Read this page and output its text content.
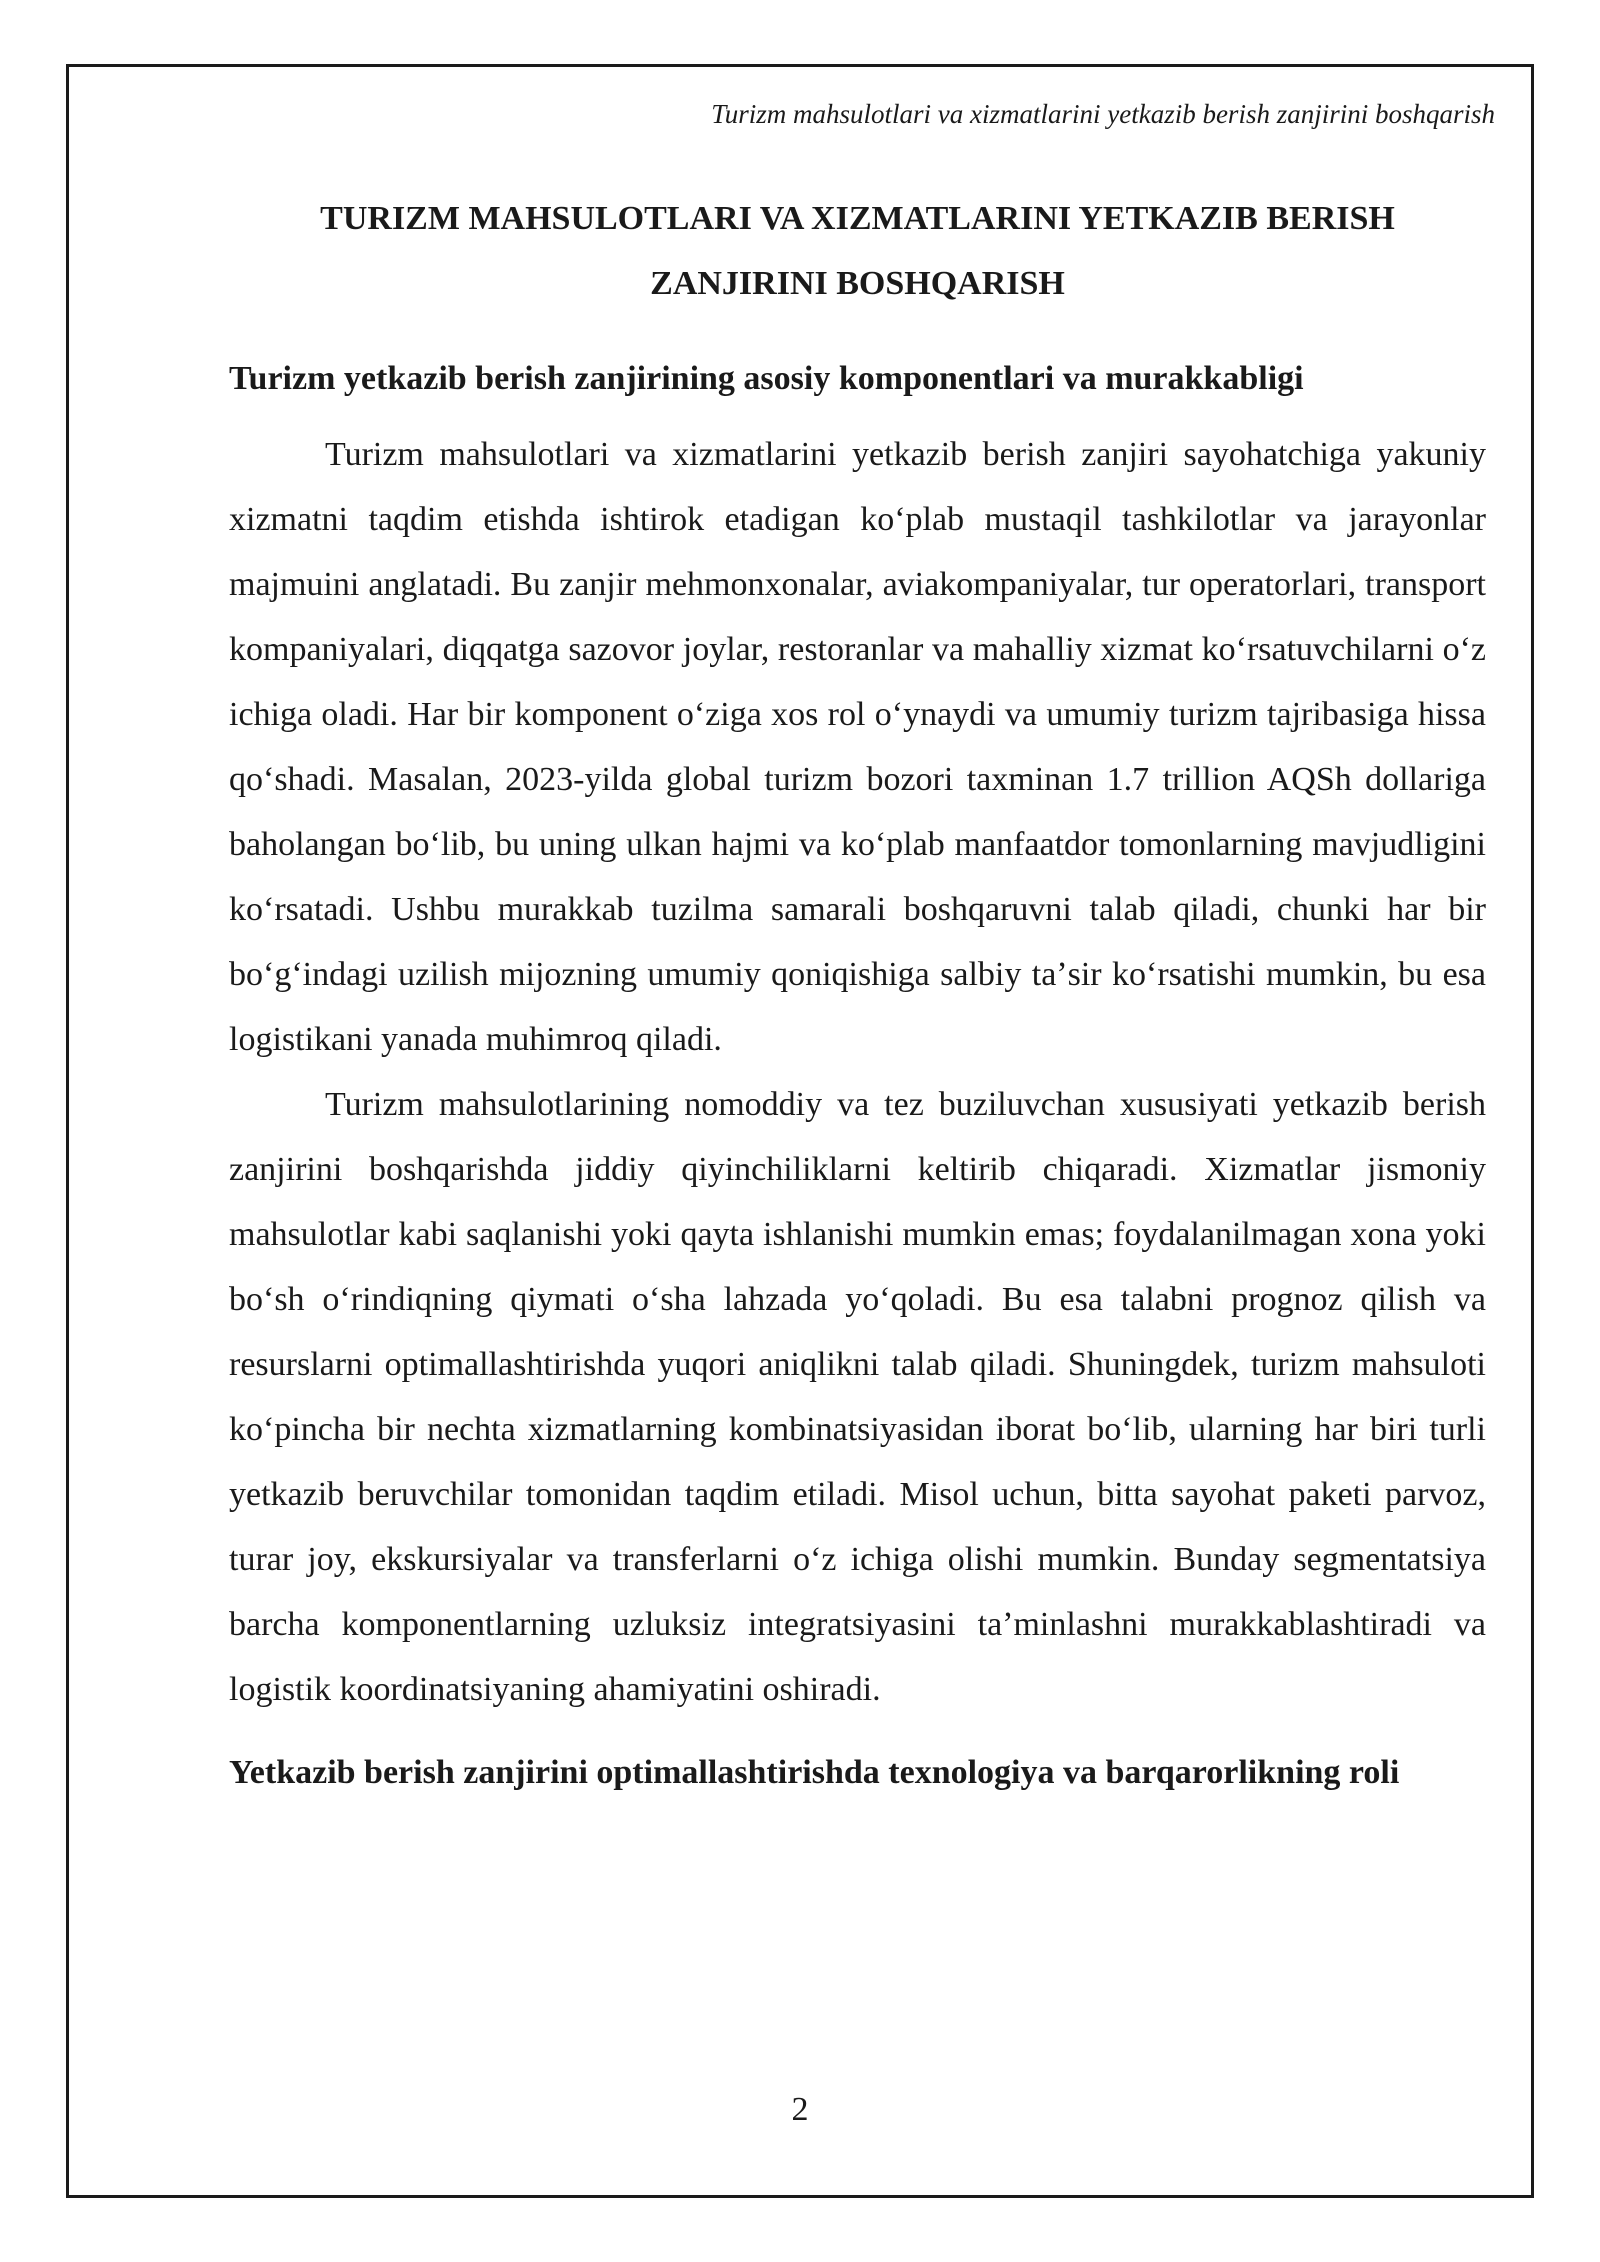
Turizm mahsulotlari va xizmatlarini yetkazib berish zanjirini boshqarish
TURIZM MAHSULOTLARI VA XIZMATLARINI YETKAZIB BERISH
ZANJIRINI BOSHQARISH
Turizm yetkazib berish zanjirining asosiy komponentlari va murakkabligi

Turizm mahsulotlari va xizmatlarini yetkazib berish zanjiri sayohatchiga yakuniy xizmatni taqdim etishda ishtirok etadigan koʻplab mustaqil tashkilotlar va jarayonlar majmuini anglatadi. Bu zanjir mehmonxonalar, aviakompaniyalar, tur operatorlari, transport kompaniyalari, diqqatga sazovor joylar, restoranlar va mahalliy xizmat koʻrsatuvchilarni oʻz ichiga oladi. Har bir komponent oʻziga xos rol oʻynaydi va umumiy turizm tajribasiga hissa qoʻshadi. Masalan, 2023-yilda global turizm bozori taxminan 1.7 trillion AQSh dollariga baholangan boʻlib, bu uning ulkan hajmi va koʻplab manfaatdor tomonlarning mavjudligini koʻrsatadi. Ushbu murakkab tuzilma samarali boshqaruvni talab qiladi, chunki har bir boʻgʻindagi uzilish mijozning umumiy qoniqishiga salbiy taʼsir koʻrsatishi mumkin, bu esa logistikani yanada muhimroq qiladi.

Turizm mahsulotlarining nomoddiy va tez buziluvchan xususiyati yetkazib berish zanjirini boshqarishda jiddiy qiyinchiliklarni keltirib chiqaradi. Xizmatlar jismoniy mahsulotlar kabi saqlanishi yoki qayta ishlanishi mumkin emas; foydalanilmagan xona yoki boʻsh oʻrindiqning qiymati oʻsha lahzada yoʻqoladi. Bu esa talabni prognoz qilish va resurslarni optimallashtirishda yuqori aniqlikni talab qiladi. Shuningdek, turizm mahsuloti koʻpincha bir nechta xizmatlarning kombinatsiyasidan iborat boʻlib, ularning har biri turli yetkazib beruvchilar tomonidan taqdim etiladi. Misol uchun, bitta sayohat paketi parvoz, turar joy, ekskursiyalar va transferlarni oʻz ichiga olishi mumkin. Bunday segmentatsiya barcha komponentlarning uzluksiz integratsiyasini taʼminlashni murakkablashtiradi va logistik koordinatsiyaning ahamiyatini oshiradi.

Yetkazib berish zanjirini optimallashtirishda texnologiya va barqarorlikning roli
2
